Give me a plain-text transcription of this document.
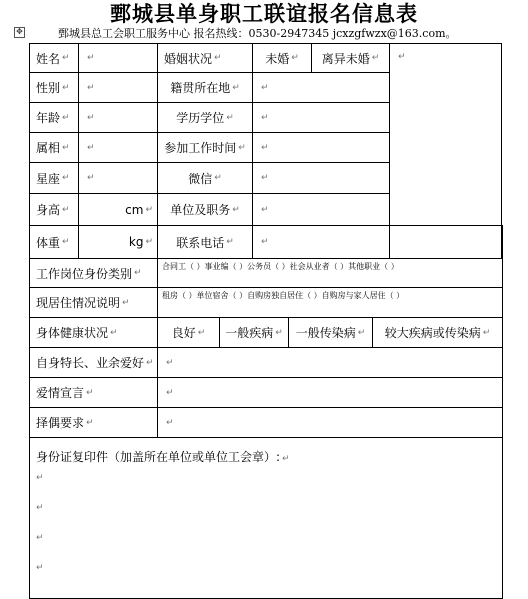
鄄城县单身职工联谊报名信息表
✥	鄄城县总工会职工服务中心 报名热线：0530-2947345 jcxzgfwzx@163.com。
姓名 ↵ ↵	婚姻状况 ↵	未婚 ↵ 离异未婚 ↵ ↵
性别 ↵ ↵	籍贯所在地 ↵ ↵
年龄 ↵ ↵	学历学位 ↵	↵
属相 ↵ ↵	参加工作时间 ↵ ↵
星座 ↵ ↵	微信 ↵	↵
身高 ↵	cm ↵ 单位及职务 ↵ ↵
体重 ↵	kg ↵ 联系电话 ↵	↵
工作岗位身份类别 ↵
合同工（ ）事业编（ ）公务员（ ）社会从业者（ ）其他职业（ ）
现居住情况说明 ↵
租房（ ）单位宿舍（ ）自购房独自居住（ ）自购房与家人居住（ ）
身体健康状况 ↵	良好 ↵ 一般疾病 ↵ 一般传染病 ↵ 较大疾病或传染病 ↵
自身特长、业余爱好 ↵ ↵
爱情宣言 ↵	↵
择偶要求 ↵	↵
身份证复印件（加盖所在单位或单位工会章）: ↵
↵
↵
↵
↵
